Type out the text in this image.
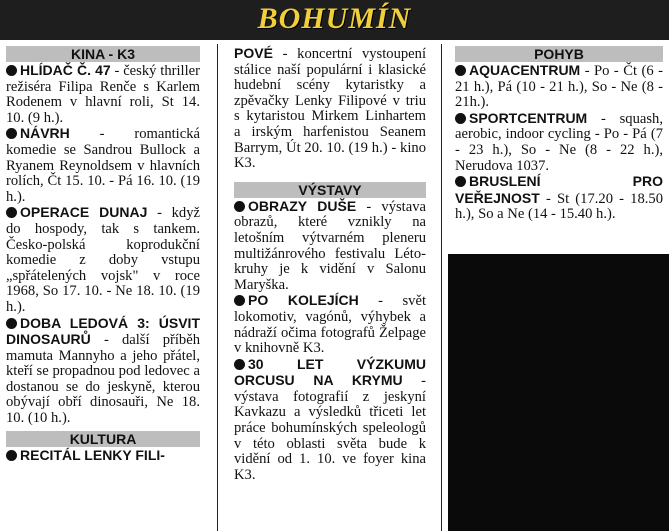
BOHUMÍN
KINA - K3

HLÍDAČ Č. 47 - český thriller režiséra Filipa Renče s Karlem Rodenem v hlavní roli, St 14. 10. (9 h.).

NÁVRH - romantická komedie se Sandrou Bullock a Ryanem Reynoldsem v hlavních rolích, Čt 15. 10. - Pá 16. 10. (19 h.).

OPERACE DUNAJ - když do hospody, tak s tankem. Česko-polská koprodukční komedie z doby vstupu „spřátelených vojsk" v roce 1968, So 17. 10. - Ne 18. 10. (19 h.).

DOBA LEDOVÁ 3: ÚSVIT DINOSAURŮ - další příběh mamuta Mannyho a jeho přátel, kteří se propadnou pod ledovec a dostanou se do jeskyně, kterou obývají obří dinosauři, Ne 18. 10. (10 h.).

KULTURA

RECITÁL LENKY FILI-

POVÉ - koncertní vystoupení stálice naší populární i klasické hudební scény kytaristky a zpěvačky Lenky Filipové v triu s kytaristou Mirkem Linhartem a irským harfenistou Seanem Barrym, Út 20. 10. (19 h.) - kino K3.

VÝSTAVY

OBRAZY DUŠE - výstava obrazů, které vznikly na letošním výtvarném pleneru multižánrového festivalu Léto-kruhy je k vidění v Salonu Maryška.

PO KOLEJÍCH - svět lokomotiv, vagónů, výhybek a nádraží očima fotografů Želpage v knihovně K3.

30 LET VÝZKUMU ORCUSU NA KRYMU - výstava fotografií z jeskyní Kavkazu a výsledků třiceti let práce bohumínských speleologů v této oblasti světa bude k vidění od 1. 10. ve foyer kina K3.

POHYB

AQUACENTRUM - Po - Čt (6 - 21 h.), Pá (10 - 21 h.), So - Ne (8 - 21h.).

SPORTCENTRUM - squash, aerobic, indoor cycling - Po - Pá (7 - 23 h.), So - Ne (8 - 22 h.), Nerudova 1037.

BRUSLENÍ PRO VEŘEJNOST - St (17.20 - 18.50 h.), So a Ne (14 - 15.40 h.).
